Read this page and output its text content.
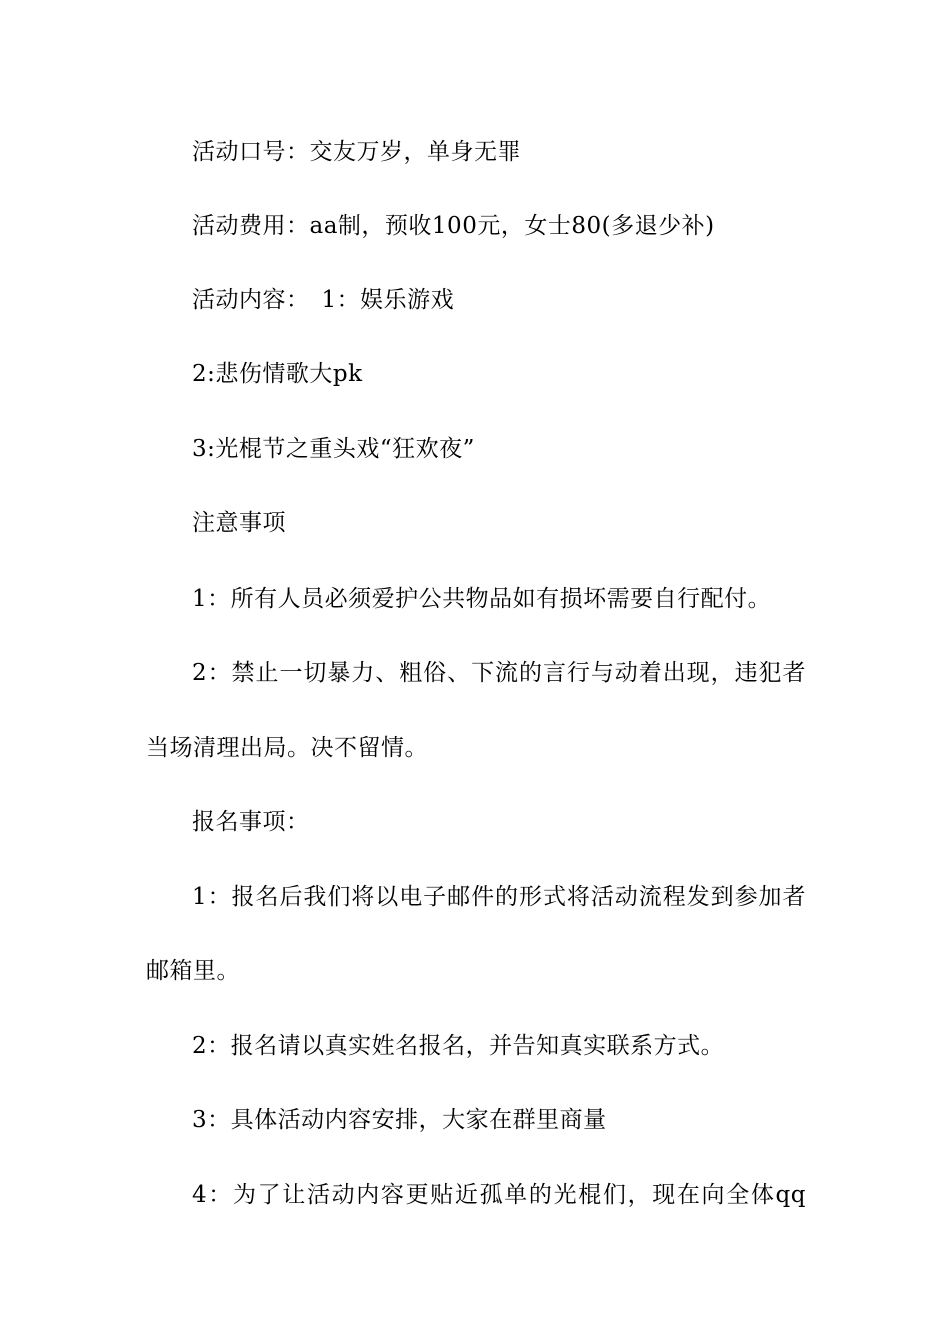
活动口号：交友万岁，单身无罪
活动费用：aa制，预收100元，女士80(多退少补)
活动内容：　1：娱乐游戏
2:悲伤情歌大pk
3:光棍节之重头戏“狂欢夜”
注意事项
1：所有人员必须爱护公共物品如有损坏需要自行配付。
2：禁止一切暴力、粗俗、下流的言行与动着出现，违犯者
当场清理出局。决不留情。
报名事项：
1：报名后我们将以电子邮件的形式将活动流程发到参加者
邮箱里。
2：报名请以真实姓名报名，并告知真实联系方式。
3：具体活动内容安排，大家在群里商量
4：为了让活动内容更贴近孤单的光棍们，现在向全体qq
